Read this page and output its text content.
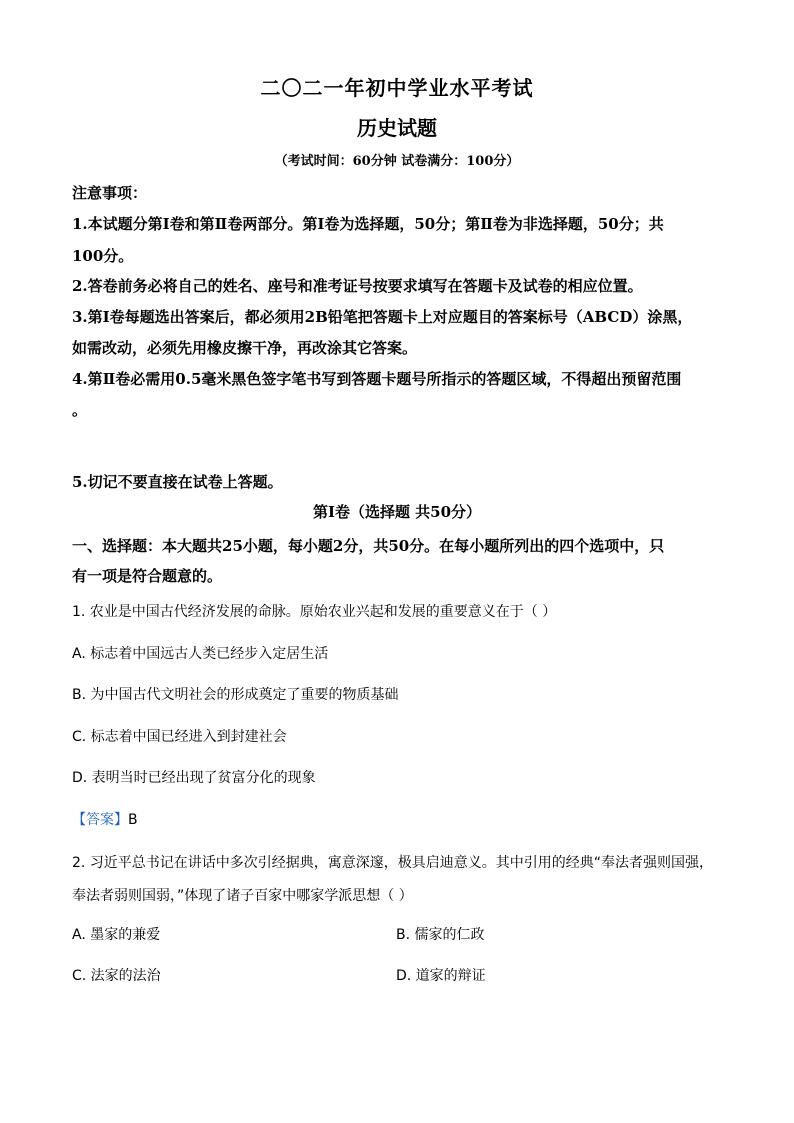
二〇二一年初中学业水平考试
历史试题
（考试时间：60分钟 试卷满分：100分）
注意事项：
1.本试题分第Ⅰ卷和第Ⅱ卷两部分。第Ⅰ卷为选择题，50分；第Ⅱ卷为非选择题，50分；共
100分。
2.答卷前务必将自己的姓名、座号和准考证号按要求填写在答题卡及试卷的相应位置。
3.第Ⅰ卷每题选出答案后，都必须用2B铅笔把答题卡上对应题目的答案标号（ABCD）涂黑，
如需改动，必须先用橡皮擦干净，再改涂其它答案。
4.第Ⅱ卷必需用0.5毫米黑色签字笔书写到答题卡题号所指示的答题区域，不得超出预留范围
。
5.切记不要直接在试卷上答题。
第Ⅰ卷（选择题 共50分）
一、选择题：本大题共25小题，每小题2分，共50分。在每小题所列出的四个选项中，只
有一项是符合题意的。
1. 农业是中国古代经济发展的命脉。原始农业兴起和发展的重要意义在于（ ）
A. 标志着中国远古人类已经步入定居生活
B. 为中国古代文明社会的形成奠定了重要的物质基础
C. 标志着中国已经进入到封建社会
D. 表明当时已经出现了贫富分化的现象
【答案】B
2. 习近平总书记在讲话中多次引经据典，寓意深邃，极具启迪意义。其中引用的经典“奉法者强则国强，
奉法者弱则国弱，”体现了诸子百家中哪家学派思想（ ）
A. 墨家的兼爱	B. 儒家的仁政
C. 法家的法治	D. 道家的辩证
